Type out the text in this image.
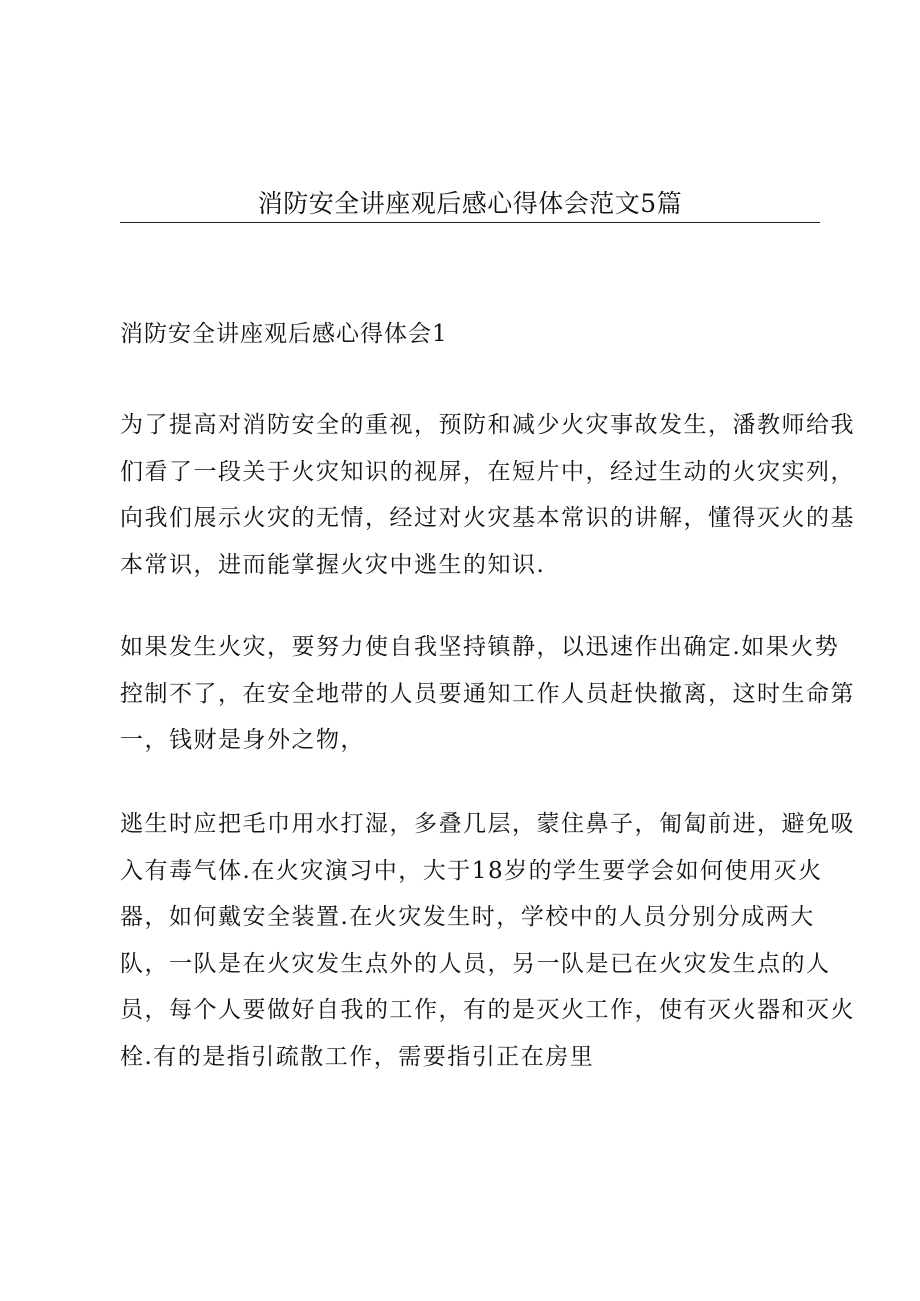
消防安全讲座观后感心得体会范文5篇
消防安全讲座观后感心得体会1
为了提高对消防安全的重视，预防和减少火灾事故发生，潘教师给我
们看了一段关于火灾知识的视屏，在短片中，经过生动的火灾实列，
向我们展示火灾的无情，经过对火灾基本常识的讲解，懂得灭火的基
本常识，进而能掌握火灾中逃生的知识.
如果发生火灾，要努力使自我坚持镇静，以迅速作出确定.如果火势
控制不了，在安全地带的人员要通知工作人员赶快撤离，这时生命第
一，钱财是身外之物，
逃生时应把毛巾用水打湿，多叠几层，蒙住鼻子，匍匐前进，避免吸
入有毒气体.在火灾演习中，大于18岁的学生要学会如何使用灭火
器，如何戴安全装置.在火灾发生时，学校中的人员分别分成两大
队，一队是在火灾发生点外的人员，另一队是已在火灾发生点的人
员，每个人要做好自我的工作，有的是灭火工作，使有灭火器和灭火
栓.有的是指引疏散工作，需要指引正在房里
